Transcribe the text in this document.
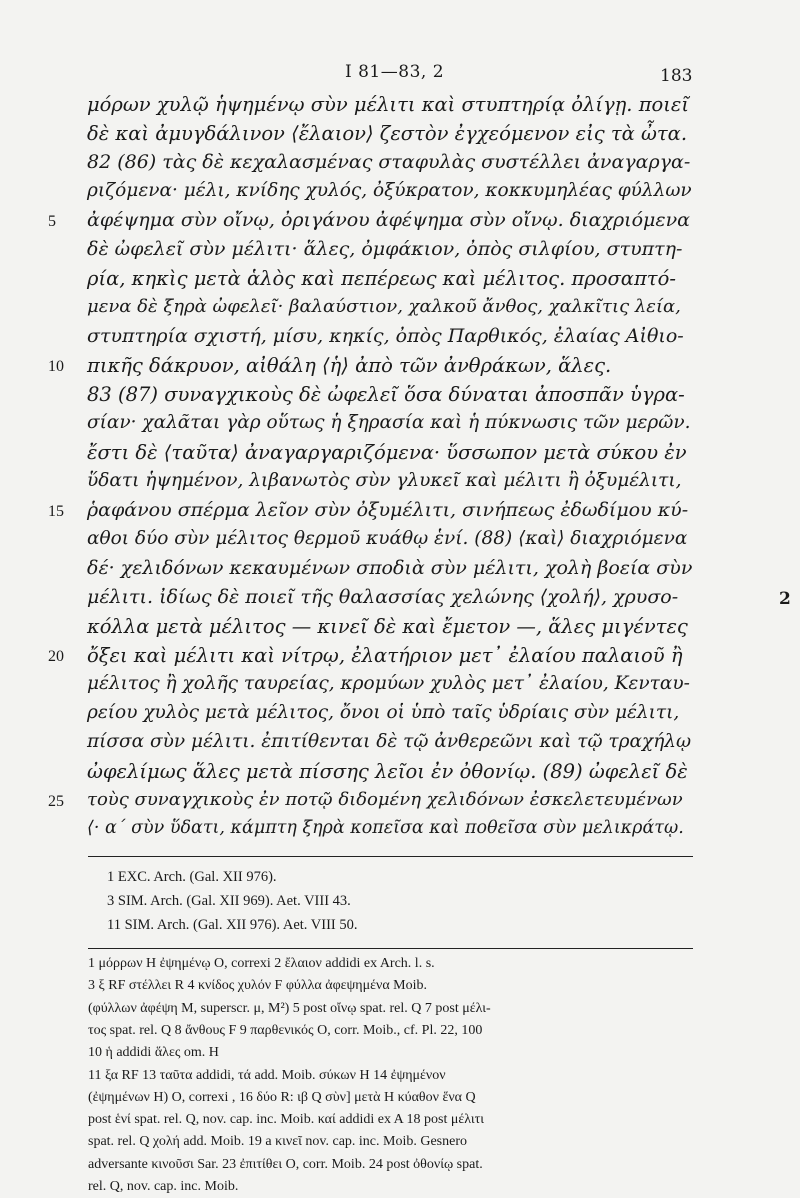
I 81—83, 2	183
μόρων χυλῷ ἡψημένῳ σὺν μέλιτι καὶ στυπτηρίᾳ ὀλίγῃ. ποιεῖ
δὲ καὶ ἀμυγδάλινον ⟨ἔλαιον⟩ ζεστὸν ἐγχεόμενον εἰς τὰ ὦτα.
82 (86) τὰς δὲ κεχαλασμένας σταφυλὰς συστέλλει ἀναγαργα-
ριζόμενα· μέλι, κνίδης χυλός, ὀξύκρατον, κοκκυμηλέας φύλλων
ἀφέψημα σὺν οἴνῳ, ὀριγάνου ἀφέψημα σὺν οἴνῳ. διαχριόμενα
δὲ ὠφελεῖ σὺν μέλιτι· ἅλες, ὀμφάκιον, ὀπὸς σιλφίου, στυπτη-
ρία, κηκὶς μετὰ ἁλὸς καὶ πεπέρεως καὶ μέλιτος. προσαπτό-
μενα δὲ ξηρὰ ὠφελεῖ· βαλαύστιον, χαλκοῦ ἄνθος, χαλκῖτις λεία,
στυπτηρία σχιστή, μίσυ, κηκίς, ὀπὸς Παρθικός, ἐλαίας Αἰθιο-
πικῆς δάκρυον, αἰθάλη ⟨ἡ⟩ ἀπὸ τῶν ἀνθράκων, ἅλες.
83 (87) συναγχικοὺς δὲ ὠφελεῖ ὅσα δύναται ἀποσπᾶν ὑγρα-
σίαν· χαλᾶται γὰρ οὕτως ἡ ξηρασία καὶ ἡ πύκνωσις τῶν μερῶν.
ἔστι δὲ ⟨ταῦτα⟩ ἀναγαργαριζόμενα· ὕσσωπον μετὰ σύκου ἐν
ὕδατι ἡψημένον, λιβανωτὸς σὺν γλυκεῖ καὶ μέλιτι ἢ ὀξυμέλιτι,
ῥαφάνου σπέρμα λεῖον σὺν ὀξυμέλιτι, σινήπεως ἐδωδίμου κύ-
αθοι δύο σὺν μέλιτος θερμοῦ κυάθῳ ἑνί. (88) ⟨καὶ⟩ διαχριόμενα
δέ· χελιδόνων κεκαυμένων σποδιὰ σὺν μέλιτι, χολὴ βοεία σὺν
μέλιτι. ἰδίως δὲ ποιεῖ τῆς θαλασσίας χελώνης ⟨χολή⟩, χρυσο-
κόλλα μετὰ μέλιτος — κινεῖ δὲ καὶ ἔμετον —, ἅλες μιγέντες
ὄξει καὶ μέλιτι καὶ νίτρῳ, ἐλατήριον μετ᾽ ἐλαίου παλαιοῦ ἢ
μέλιτος ἢ χολῆς ταυρείας, κρομύων χυλὸς μετ᾽ ἐλαίου, Κενταυ-
ρείου χυλὸς μετὰ μέλιτος, ὄνοι οἱ ὑπὸ ταῖς ὑδρίαις σὺν μέλιτι,
πίσσα σὺν μέλιτι. ἐπιτίθενται δὲ τῷ ἀνθερεῶνι καὶ τῷ τραχήλῳ
ὠφελίμως ἅλες μετὰ πίσσης λεῖοι ἐν ὀθονίῳ. (89) ὠφελεῖ δὲ
τοὺς συναγχικοὺς ἐν ποτῷ διδομένη χελιδόνων ἐσκελετευμένων
⟨· α΄ σὺν ὕδατι, κάμπτη ξηρὰ κοπεῖσα καὶ ποθεῖσα σὺν μελικράτῳ.
5
10
15
20
25
2
1 EXC. Arch. (Gal. XII 976).
3 SIM. Arch. (Gal. XII 969). Aet. VIII 43.
11 SIM. Arch. (Gal. XII 976). Aet. VIII 50.
1 μόρρων H ἐψημένῳ O, correxi 2 ἔλαιον addidi ex Arch. l. s.
3 ξ RF στέλλει R 4 κνίδος χυλόν F φύλλα ἀφεψημένα Moib.
(φύλλων ἀφέψη M, superscr. μ, M²) 5 post οἴνῳ spat. rel. Q 7 post μέλι-
τος spat. rel. Q 8 ἄνθους F 9 παρθενικός O, corr. Moib., cf. Pl. 22, 100
10 ἡ addidi ἅλες om. H
11 ξα RF 13 ταῦτα addidi, τά add. Moib. σύκων H 14 ἐψημένον
(ἐψημένων H) O, correxi , 16 δύο R: ιβ Q σὺν] μετὰ H κύαθον ἕνα Q
post ἑνί spat. rel. Q, nov. cap. inc. Moib. καί addidi ex A 18 post μέλιτι
spat. rel. Q χολή add. Moib. 19 a κινεῖ nov. cap. inc. Moib. Gesnero
adversante κινοῦσι Sar. 23 ἐπιτίθει O, corr. Moib. 24 post ὀθονίῳ spat.
rel. Q, nov. cap. inc. Moib.
